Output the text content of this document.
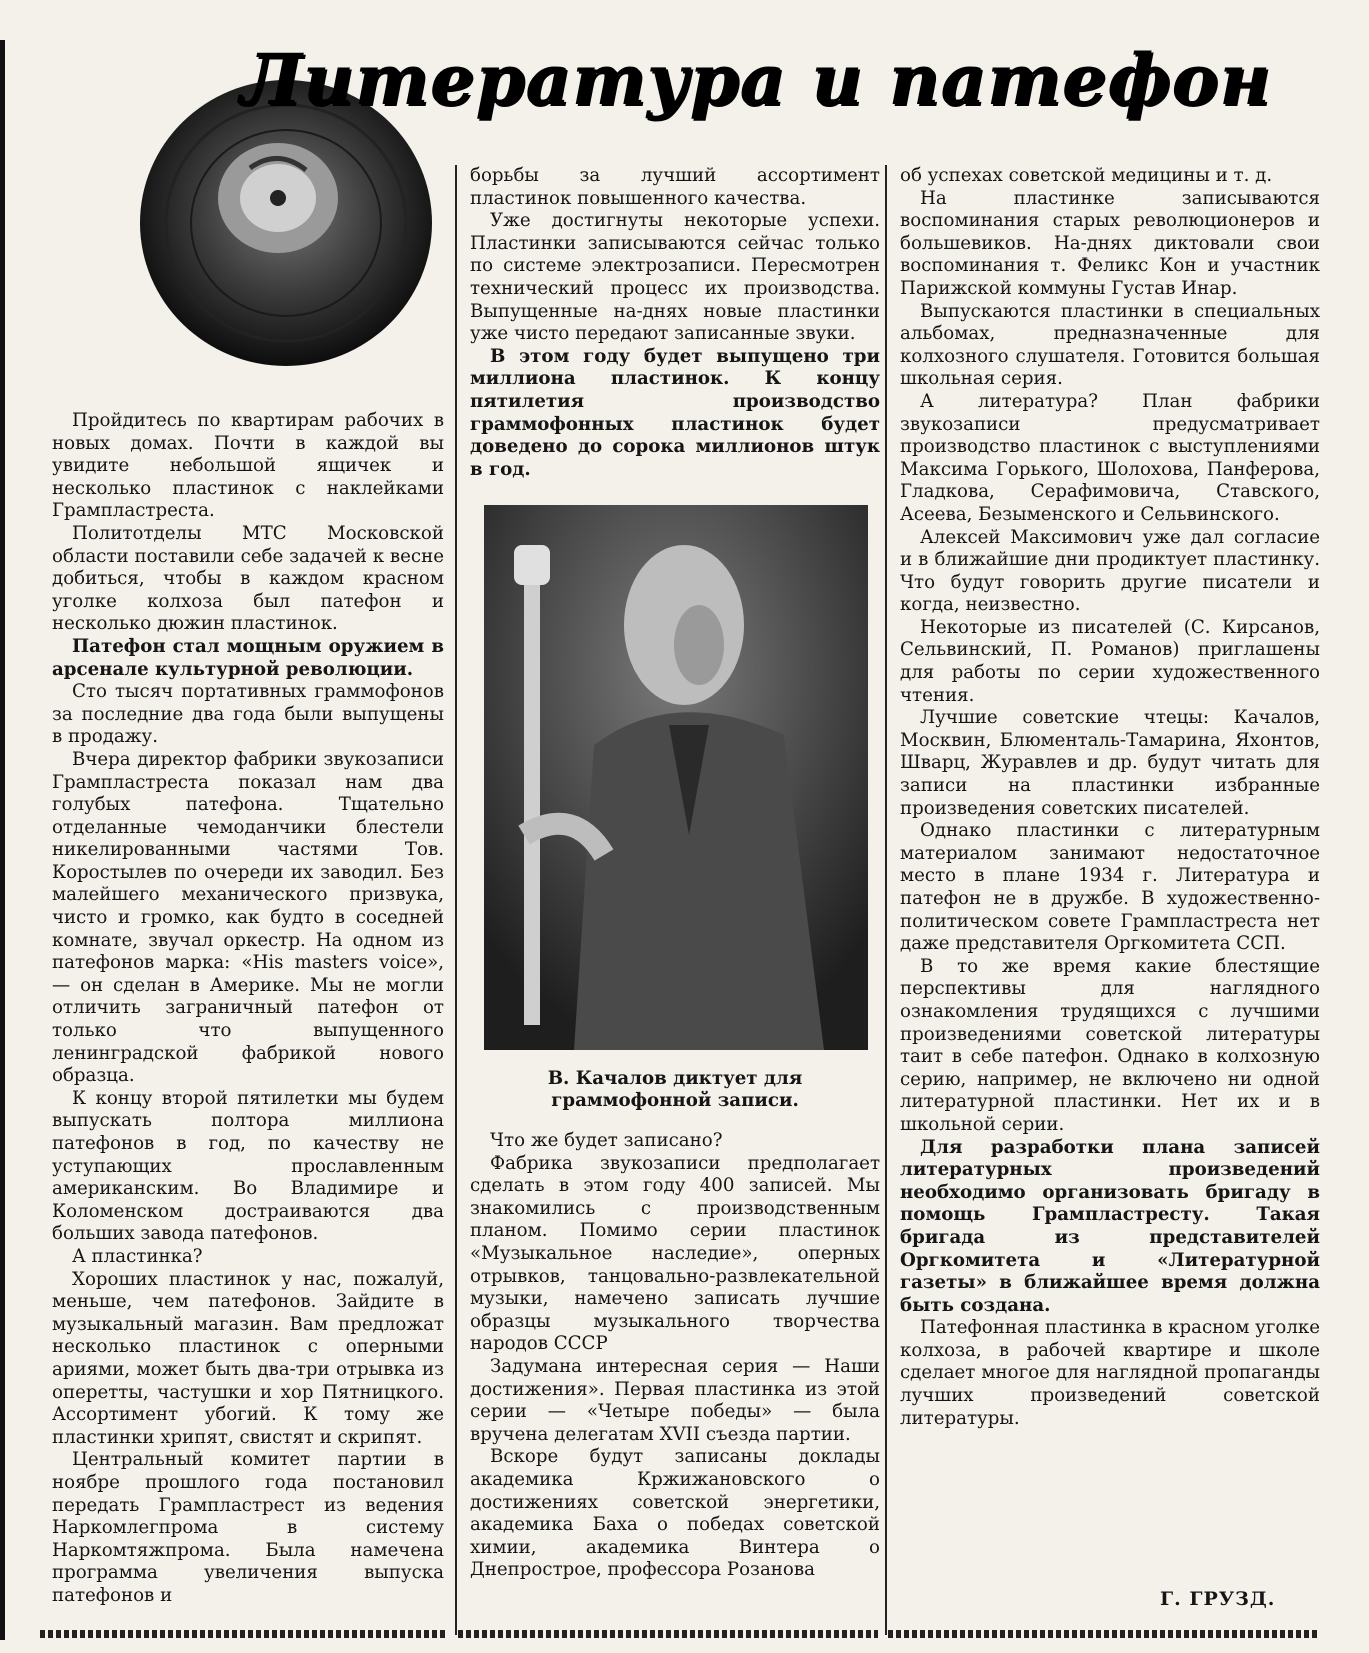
Литература и патефон

Пройдитесь по квартирам рабочих в новых домах. Почти в каждой вы увидите небольшой ящичек и несколько пластинок с наклейками Грампластреста.

Политотделы МТС Московской области поставили себе задачей к весне добиться, чтобы в каждом красном уголке колхоза был патефон и несколько дюжин пластинок.

Патефон стал мощным оружием в арсенале культурной революции.

Сто тысяч портативных граммофонов за последние два года были выпущены в продажу.

Вчера директор фабрики звукозаписи Грампластреста показал нам два голубых патефона. Тщательно отделанные чемоданчики блестели никелированными частями Тов. Коростылев по очереди их заводил. Без малейшего механического призвука, чисто и громко, как будто в соседней комнате, звучал оркестр. На одном из патефонов марка: «His masters voice», — он сделан в Америке. Мы не могли отличить заграничный патефон от только что выпущенного ленинградской фабрикой нового образца.

К концу второй пятилетки мы будем выпускать полтора миллиона патефонов в год, по качеству не уступающих прославленным американским. Во Владимире и Коломенском достраиваются два больших завода патефонов.

А пластинка?

Хороших пластинок у нас, пожалуй, меньше, чем патефонов. Зайдите в музыкальный магазин. Вам предложат несколько пластинок с оперными ариями, может быть два-три отрывка из оперетты, частушки и хор Пятницкого. Ассортимент убогий. К тому же пластинки хрипят, свистят и скрипят.

Центральный комитет партии в ноябре прошлого года постановил передать Грампластрест из ведения Наркомлегпрома в систему Наркомтяжпрома. Была намечена программа увеличения выпуска патефонов и

борьбы за лучший ассортимент пластинок повышенного качества.

Уже достигнуты некоторые успехи. Пластинки записываются сейчас только по системе электрозаписи. Пересмотрен технический процесс их производства. Выпущенные на-днях новые пластинки уже чисто передают записанные звуки.

В этом году будет выпущено три миллиона пластинок. К концу пятилетия производство граммофонных пластинок будет доведено до сорока миллионов штук в год.

В. Качалов диктует для граммофонной записи.

Что же будет записано?

Фабрика звукозаписи предполагает сделать в этом году 400 записей. Мы знакомились с производственным планом. Помимо серии пластинок «Музыкальное наследие», оперных отрывков, танцовально-развлекательной музыки, намечено записать лучшие образцы музыкального творчества народов СССР

Задумана интересная серия — Наши достижения». Первая пластинка из этой серии — «Четыре победы» — была вручена делегатам XVII съезда партии.

Вскоре будут записаны доклады академика Кржижановского о достижениях советской энергетики, академика Баха о победах советской химии, академика Винтера о Днепрострое, профессора Розанова

об успехах советской медицины и т. д.

На пластинке записываются воспоминания старых революционеров и большевиков. На-днях диктовали свои воспоминания т. Феликс Кон и участник Парижской коммуны Густав Инар.

Выпускаются пластинки в специальных альбомах, предназначенные для колхозного слушателя. Готовится большая школьная серия.

А литература? План фабрики звукозаписи предусматривает производство пластинок с выступлениями Максима Горького, Шолохова, Панферова, Гладкова, Серафимовича, Ставского, Асеева, Безыменского и Сельвинского.

Алексей Максимович уже дал согласие и в ближайшие дни продиктует пластинку. Что будут говорить другие писатели и когда, неизвестно.

Некоторые из писателей (С. Кирсанов, Сельвинский, П. Романов) приглашены для работы по серии художественного чтения.

Лучшие советские чтецы: Качалов, Москвин, Блюменталь-Тамарина, Яхонтов, Шварц, Журавлев и др. будут читать для записи на пластинки избранные произведения советских писателей.

Однако пластинки с литературным материалом занимают недостаточное место в плане 1934 г. Литература и патефон не в дружбе. В художественно-политическом совете Грампластреста нет даже представителя Оргкомитета ССП.

В то же время какие блестящие перспективы для наглядного ознакомления трудящихся с лучшими произведениями советской литературы таит в себе патефон. Однако в колхозную серию, например, не включено ни одной литературной пластинки. Нет их и в школьной серии.

Для разработки плана записей литературных произведений необходимо организовать бригаду в помощь Грампластресту. Такая бригада из представителей Оргкомитета и «Литературной газеты» в ближайшее время должна быть создана.

Патефонная пластинка в красном уголке колхоза, в рабочей квартире и школе сделает многое для наглядной пропаганды лучших произведений советской литературы.

Г. ГРУЗД.
